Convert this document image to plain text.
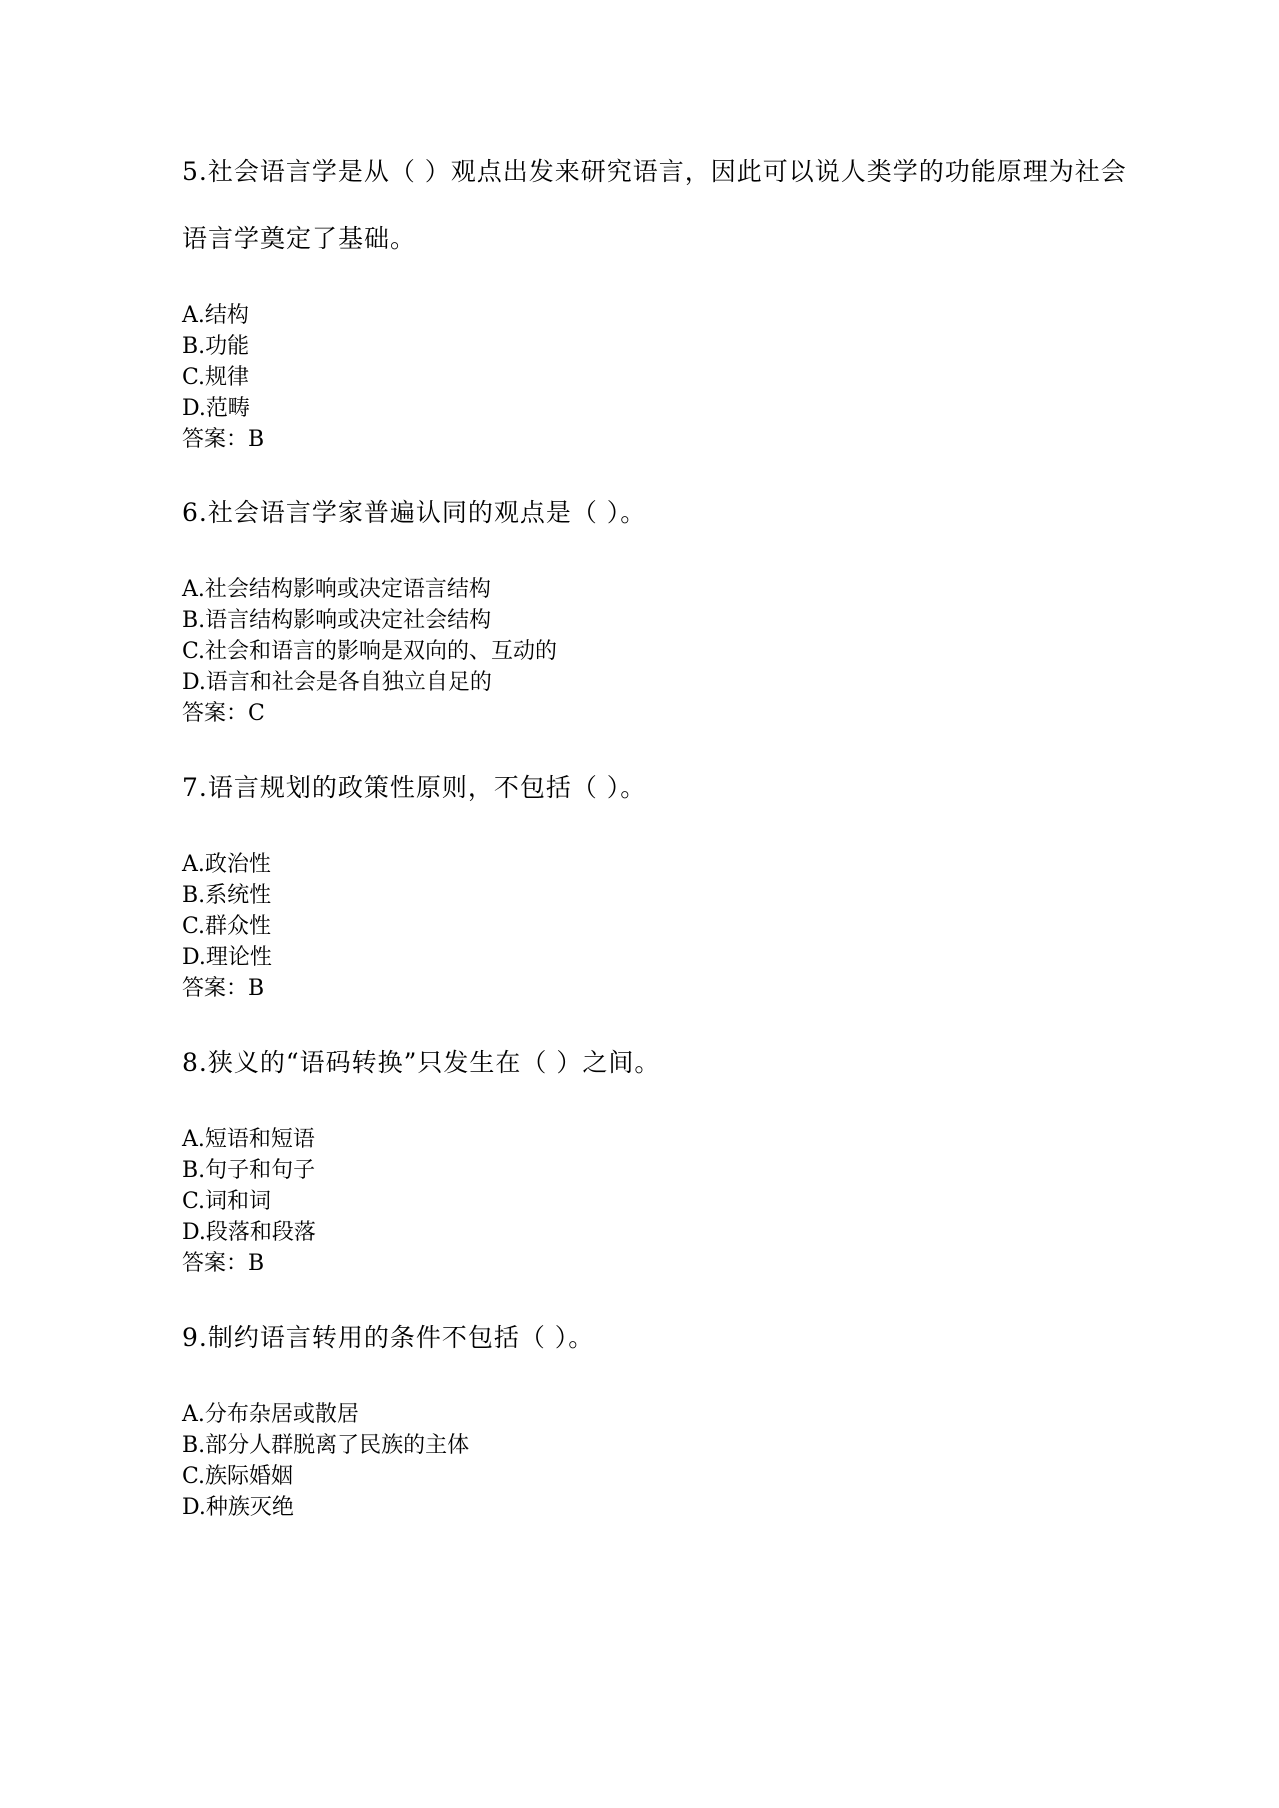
5.社会语言学是从（ ）观点出发来研究语言，因此可以说人类学的功能原理为社会语言学奠定了基础。

A.结构

B.功能

C.规律

D.范畴

答案：B

6.社会语言学家普遍认同的观点是（ ）。

A.社会结构影响或决定语言结构

B.语言结构影响或决定社会结构

C.社会和语言的影响是双向的、互动的

D.语言和社会是各自独立自足的

答案：C

7.语言规划的政策性原则，不包括（ ）。

A.政治性

B.系统性

C.群众性

D.理论性

答案：B

8.狭义的“语码转换”只发生在（ ）之间。

A.短语和短语

B.句子和句子

C.词和词

D.段落和段落

答案：B

9.制约语言转用的条件不包括（ ）。

A.分布杂居或散居

B.部分人群脱离了民族的主体

C.族际婚姻

D.种族灭绝
